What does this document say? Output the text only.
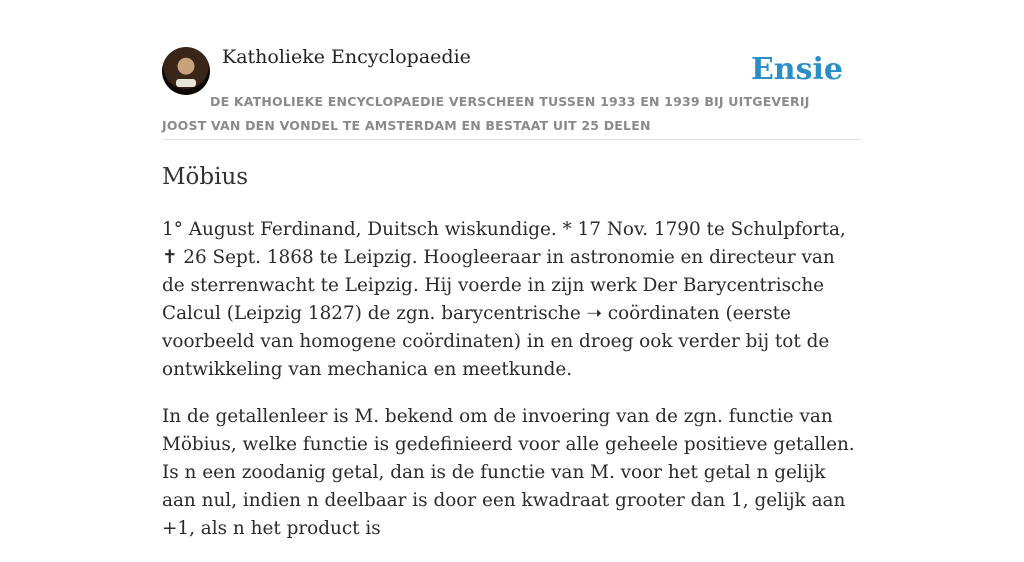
Katholieke Encyclopaedie	Ensie
DE KATHOLIEKE ENCYCLOPAEDIE VERSCHEEN TUSSEN 1933 EN 1939 BIJ UITGEVERIJ JOOST VAN DEN VONDEL TE AMSTERDAM EN BESTAAT UIT 25 DELEN
Möbius

1° August Ferdinand, Duitsch wiskundige. * 17 Nov. 1790 te Schulpforta, ✝ 26 Sept. 1868 te Leipzig. Hoogleeraar in astronomie en directeur van de sterrenwacht te Leipzig. Hij voerde in zijn werk Der Barycentrische Calcul (Leipzig 1827) de zgn. barycentrische ➝ coördinaten (eerste voorbeeld van homogene coördinaten) in en droeg ook verder bij tot de ontwikkeling van mechanica en meetkunde.

In de getallenleer is M. bekend om de invoering van de zgn. functie van Möbius, welke functie is gedefinieerd voor alle geheele positieve getallen. Is n een zoodanig getal, dan is de functie van M. voor het getal n gelijk aan nul, indien n deelbaar is door een kwadraat grooter dan 1, gelijk aan +1, als n het product is
